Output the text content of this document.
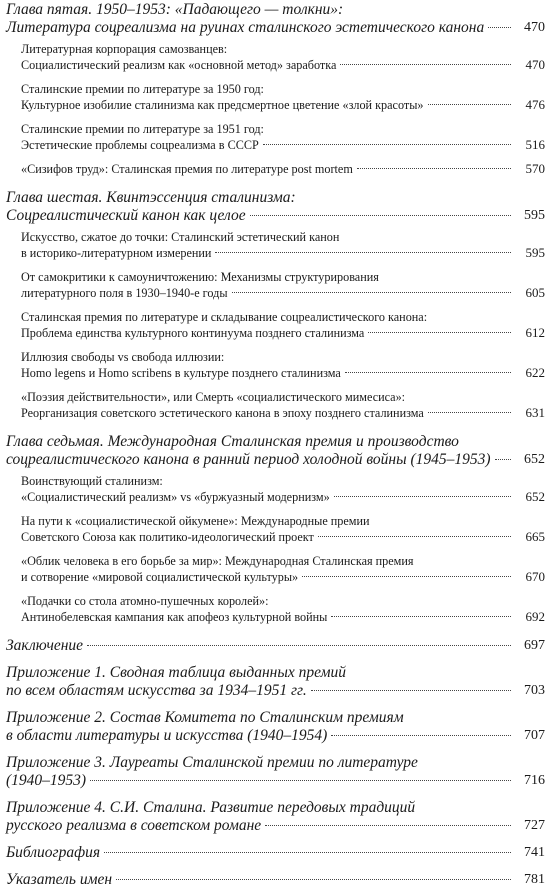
Глава пятая. 1950–1953: «Падающего — толкни»:
Литература соцреализма на руинах сталинского эстетического канона	470
Литературная корпорация самозванцев:
Социалистический реализм как «основной метод» заработка	470
Сталинские премии по литературе за 1950 год:
Культурное изобилие сталинизма как предсмертное цветение «злой красоты»	476
Сталинские премии по литературе за 1951 год:
Эстетические проблемы соцреализма в СССР	516
«Сизифов труд»: Сталинская премия по литературе post mortem	570
Глава шестая. Квинтэссенция сталинизма:
Соцреалистический канон как целое	595
Искусство, сжатое до точки: Сталинский эстетический канон
в историко-литературном измерении	595
От самокритики к самоуничтожению: Механизмы структурирования
литературного поля в 1930–1940-е годы	605
Сталинская премия по литературе и складывание соцреалистического канона:
Проблема единства культурного континуума позднего сталинизма	612
Иллюзия свободы vs свобода иллюзии:
Homo legens и Homo scribens в культуре позднего сталинизма	622
«Поэзия действительности», или Смерть «социалистического мимесиса»:
Реорганизация советского эстетического канона в эпоху позднего сталинизма	631
Глава седьмая. Международная Сталинская премия и производство
соцреалистического канона в ранний период холодной войны (1945–1953)	652
Воинствующий сталинизм:
«Социалистический реализм» vs «буржуазный модернизм»	652
На пути к «социалистической ойкумене»: Международные премии
Советского Союза как политико-идеологический проект	665
«Облик человека в его борьбе за мир»: Международная Сталинская премия
и сотворение «мировой социалистической культуры»	670
«Подачки со стола атомно-пушечных королей»:
Антинобелевская кампания как апофеоз культурной войны	692
Заключение	697
Приложение 1. Сводная таблица выданных премий
по всем областям искусства за 1934–1951 гг.	703
Приложение 2. Состав Комитета по Сталинским премиям
в области литературы и искусства (1940–1954)	707
Приложение 3. Лауреаты Сталинской премии по литературе
(1940–1953)	716
Приложение 4. С.И. Сталина. Развитие передовых традиций
русского реализма в советском романе	727
Библиография	741
Указатель имен	781
